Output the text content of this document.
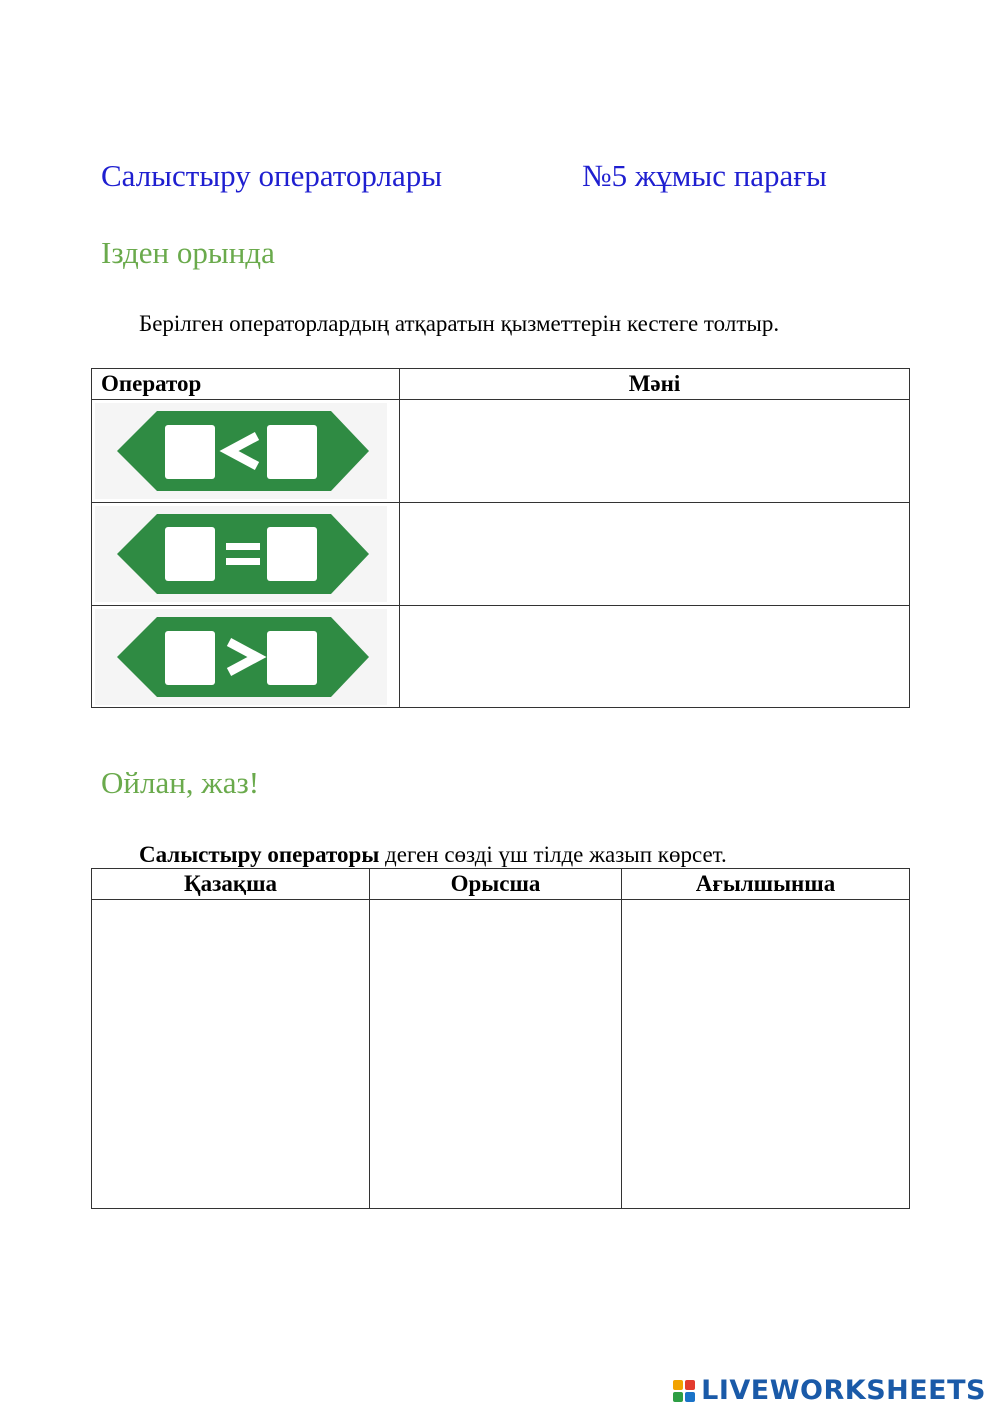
Салыстыру операторлары	№5 жұмыс парағы
Ізден орында
Берілген операторлардың атқаратын қызметтерін кестеге толтыр.
Оператор	Мәні

Ойлан, жаз!
Салыстыру операторы деген сөзді үш тілде жазып көрсет.
Қазақша	Орысша	Ағылшынша

LIVEWORKSHEETS
